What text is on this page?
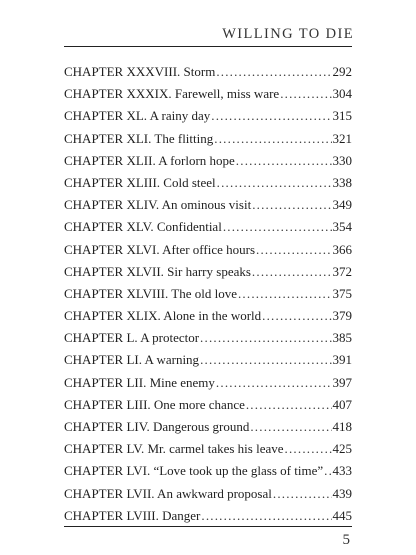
WILLING TO DIE
CHAPTER XXXVIII. Storm .....	292
CHAPTER XXXIX. Farewell, miss ware .....	304
CHAPTER XL. A rainy day .....	315
CHAPTER XLI. The flitting .....	321
CHAPTER XLII. A forlorn hope .....	330
CHAPTER XLIII. Cold steel .....	338
CHAPTER XLIV. An ominous visit .....	349
CHAPTER XLV. Confidential .....	354
CHAPTER XLVI. After office hours .....	366
CHAPTER XLVII. Sir harry speaks .....	372
CHAPTER XLVIII. The old love .....	375
CHAPTER XLIX. Alone in the world .....	379
CHAPTER L. A protector .....	385
CHAPTER LI. A warning .....	391
CHAPTER LII. Mine enemy .....	397
CHAPTER LIII. One more chance .....	407
CHAPTER LIV. Dangerous ground .....	418
CHAPTER LV. Mr. carmel takes his leave .....	425
CHAPTER LVI. “Love took up the glass of time” ..... 433
CHAPTER LVII. An awkward proposal .....	439
CHAPTER LVIII. Danger .....	445
5
